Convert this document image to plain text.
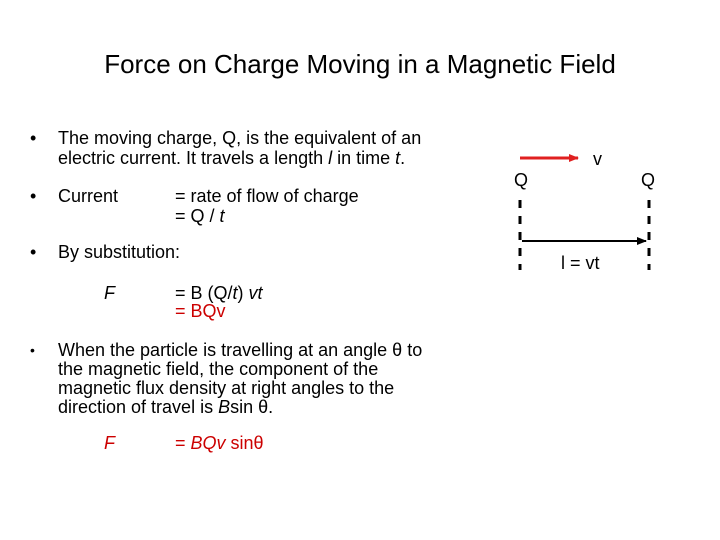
Force on Charge Moving in a Magnetic Field
• The moving charge, Q, is the equivalent of an
electric current. It travels a length l in time t.
• Current	= rate of flow of charge
= Q / t
• By substitution:
F	= B (Q/t) vt
= BQv
• When the particle is travelling at an angle θ to
the magnetic field, the component of the
magnetic flux density at right angles to the
direction of travel is Bsin θ.
F	= BQv sinθ
v
Q	Q
l = vt
